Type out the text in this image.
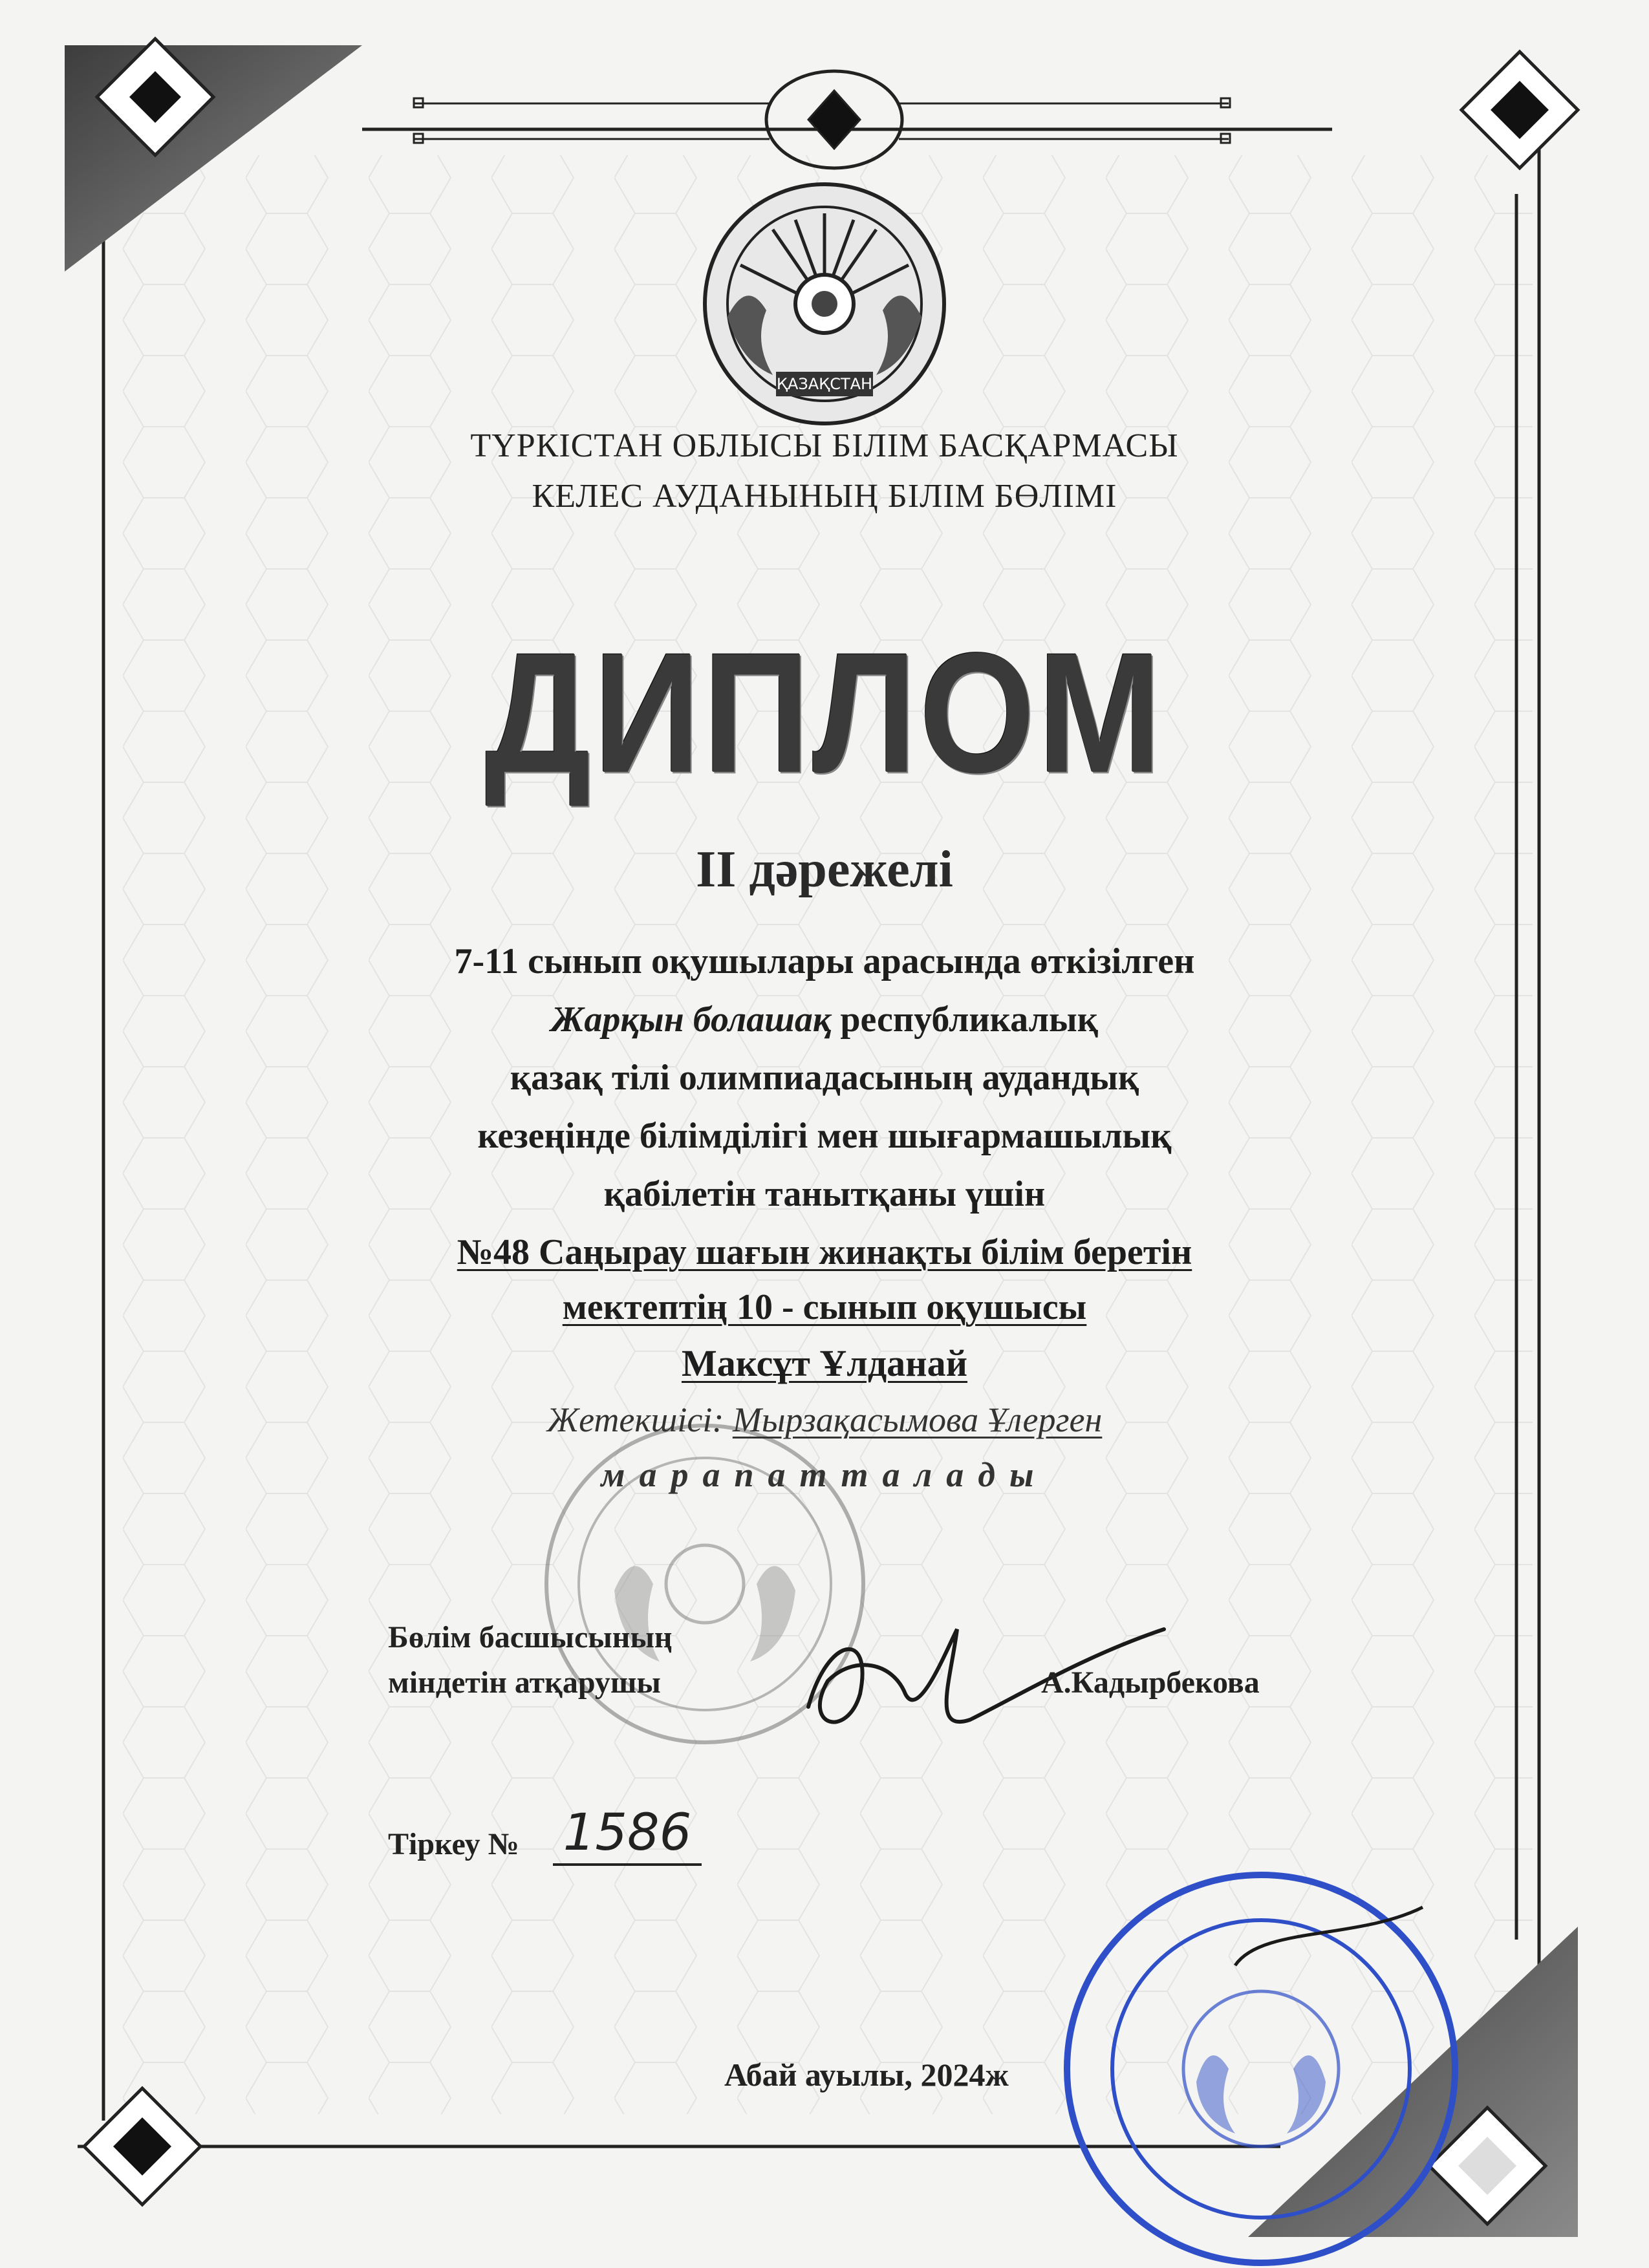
ҚАЗАҚСТАН
ТҮРКІСТАН ОБЛЫСЫ БІЛІМ БАСҚАРМАСЫ
КЕЛЕС АУДАНЫНЫҢ БІЛІМ БӨЛІМІ
ДИПЛОМ
II дәрежелі
7-11 сынып оқушылары арасында өткізілген
Жарқын болашақ республикалық
қазақ тілі олимпиадасының аудандық
кезеңінде білімділігі мен шығармашылық
қабілетін танытқаны үшін
№48 Саңырау шағын жинақты білім беретін
мектептің 10 - сынып оқушысы
Максұт Ұлданай
Жетекшісі: Мырзақасымова Ұлерген
марапатталады
Бөлім басшысының
міндетін атқарушы	А.Кадырбекова
Тіркеу № 1586
Абай ауылы, 2024ж
